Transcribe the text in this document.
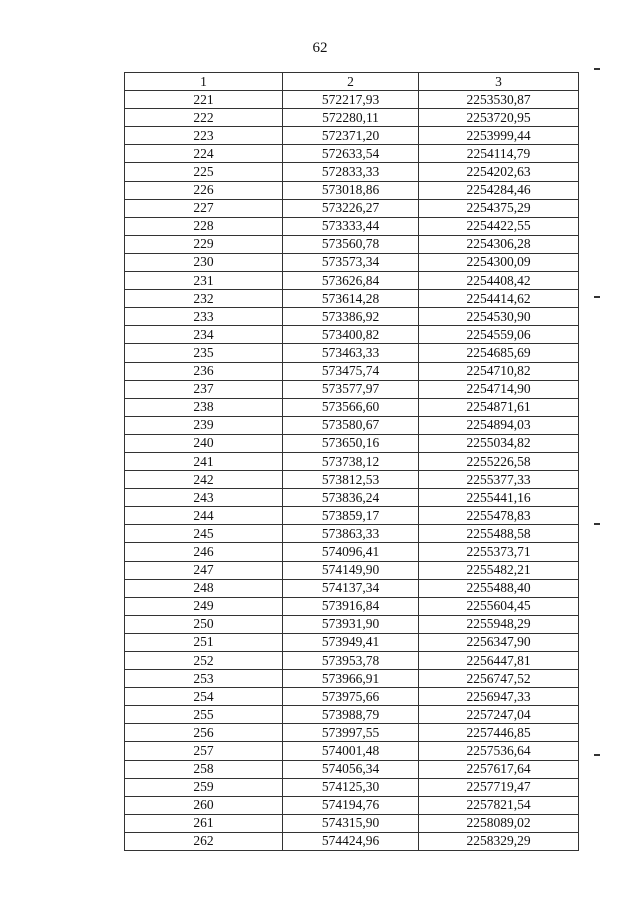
62
1	2	3
221	572217,93	2253530,87
222	572280,11	2253720,95
223	572371,20	2253999,44
224	572633,54	2254114,79
225	572833,33	2254202,63
226	573018,86	2254284,46
227	573226,27	2254375,29
228	573333,44	2254422,55
229	573560,78	2254306,28
230	573573,34	2254300,09
231	573626,84	2254408,42
232	573614,28	2254414,62
233	573386,92	2254530,90
234	573400,82	2254559,06
235	573463,33	2254685,69
236	573475,74	2254710,82
237	573577,97	2254714,90
238	573566,60	2254871,61
239	573580,67	2254894,03
240	573650,16	2255034,82
241	573738,12	2255226,58
242	573812,53	2255377,33
243	573836,24	2255441,16
244	573859,17	2255478,83
245	573863,33	2255488,58
246	574096,41	2255373,71
247	574149,90	2255482,21
248	574137,34	2255488,40
249	573916,84	2255604,45
250	573931,90	2255948,29
251	573949,41	2256347,90
252	573953,78	2256447,81
253	573966,91	2256747,52
254	573975,66	2256947,33
255	573988,79	2257247,04
256	573997,55	2257446,85
257	574001,48	2257536,64
258	574056,34	2257617,64
259	574125,30	2257719,47
260	574194,76	2257821,54
261	574315,90	2258089,02
262	574424,96	2258329,29
